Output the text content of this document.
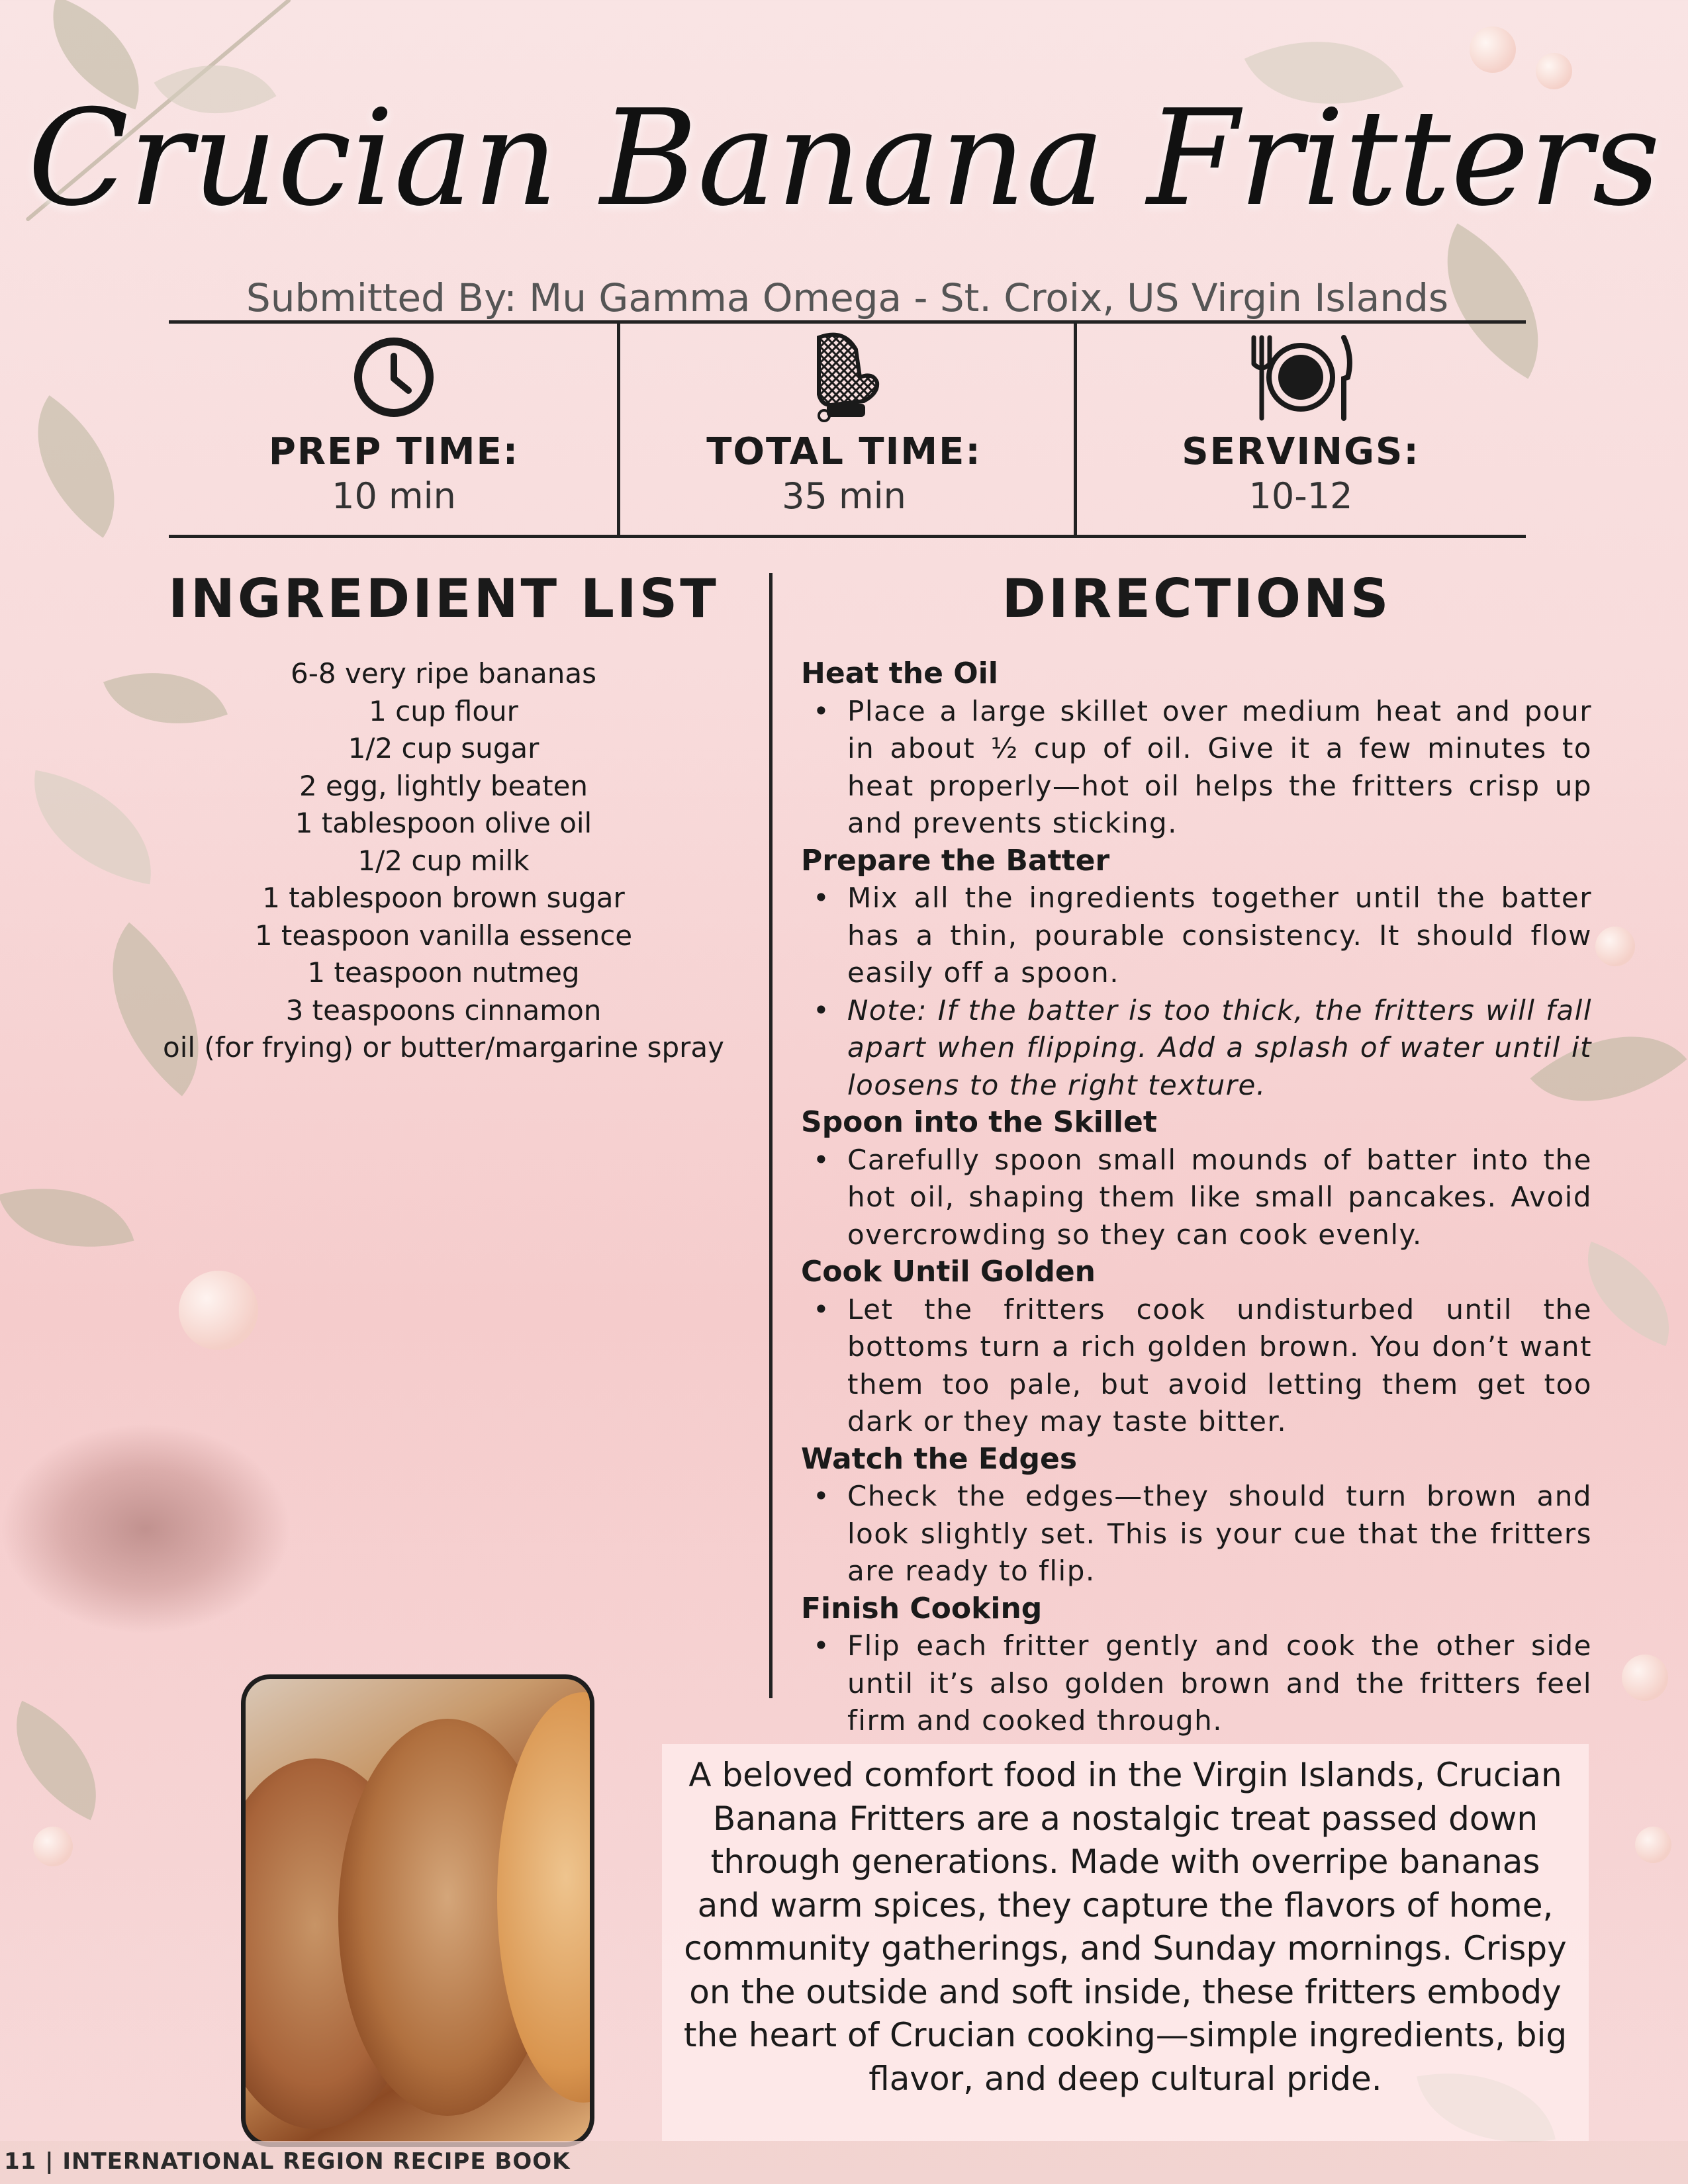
Crucian Banana Fritters
Submitted By: Mu Gamma Omega - St. Croix, US Virgin Islands
PREP TIME:
10 min
TOTAL TIME:
35 min
SERVINGS:
10-12
INGREDIENT LIST	DIRECTIONS
6-8 very ripe bananas
1 cup flour
1/2 cup sugar
2 egg, lightly beaten
1 tablespoon olive oil
1/2 cup milk
1 tablespoon brown sugar
1 teaspoon vanilla essence
1 teaspoon nutmeg
3 teaspoons cinnamon
oil (for frying) or butter/margarine spray
Heat the Oil
• Place a large skillet over medium heat and pour in about ½ cup of oil. Give it a few minutes to heat properly—hot oil helps the fritters crisp up and prevents sticking.
Prepare the Batter
• Mix all the ingredients together until the batter has a thin, pourable consistency. It should flow easily off a spoon.
• Note: If the batter is too thick, the fritters will fall apart when flipping. Add a splash of water until it loosens to the right texture.
Spoon into the Skillet
• Carefully spoon small mounds of batter into the hot oil, shaping them like small pancakes. Avoid overcrowding so they can cook evenly.
Cook Until Golden
• Let the fritters cook undisturbed until the bottoms turn a rich golden brown. You don’t want them too pale, but avoid letting them get too dark or they may taste bitter.
Watch the Edges
• Check the edges—they should turn brown and look slightly set. This is your cue that the fritters are ready to flip.
Finish Cooking
• Flip each fritter gently and cook the other side until it’s also golden brown and the fritters feel firm and cooked through.
A beloved comfort food in the Virgin Islands, Crucian Banana Fritters are a nostalgic treat passed down through generations. Made with overripe bananas and warm spices, they capture the flavors of home, community gatherings, and Sunday mornings. Crispy on the outside and soft inside, these fritters embody the heart of Crucian cooking—simple ingredients, big flavor, and deep cultural pride.
11 | INTERNATIONAL REGION RECIPE BOOK
